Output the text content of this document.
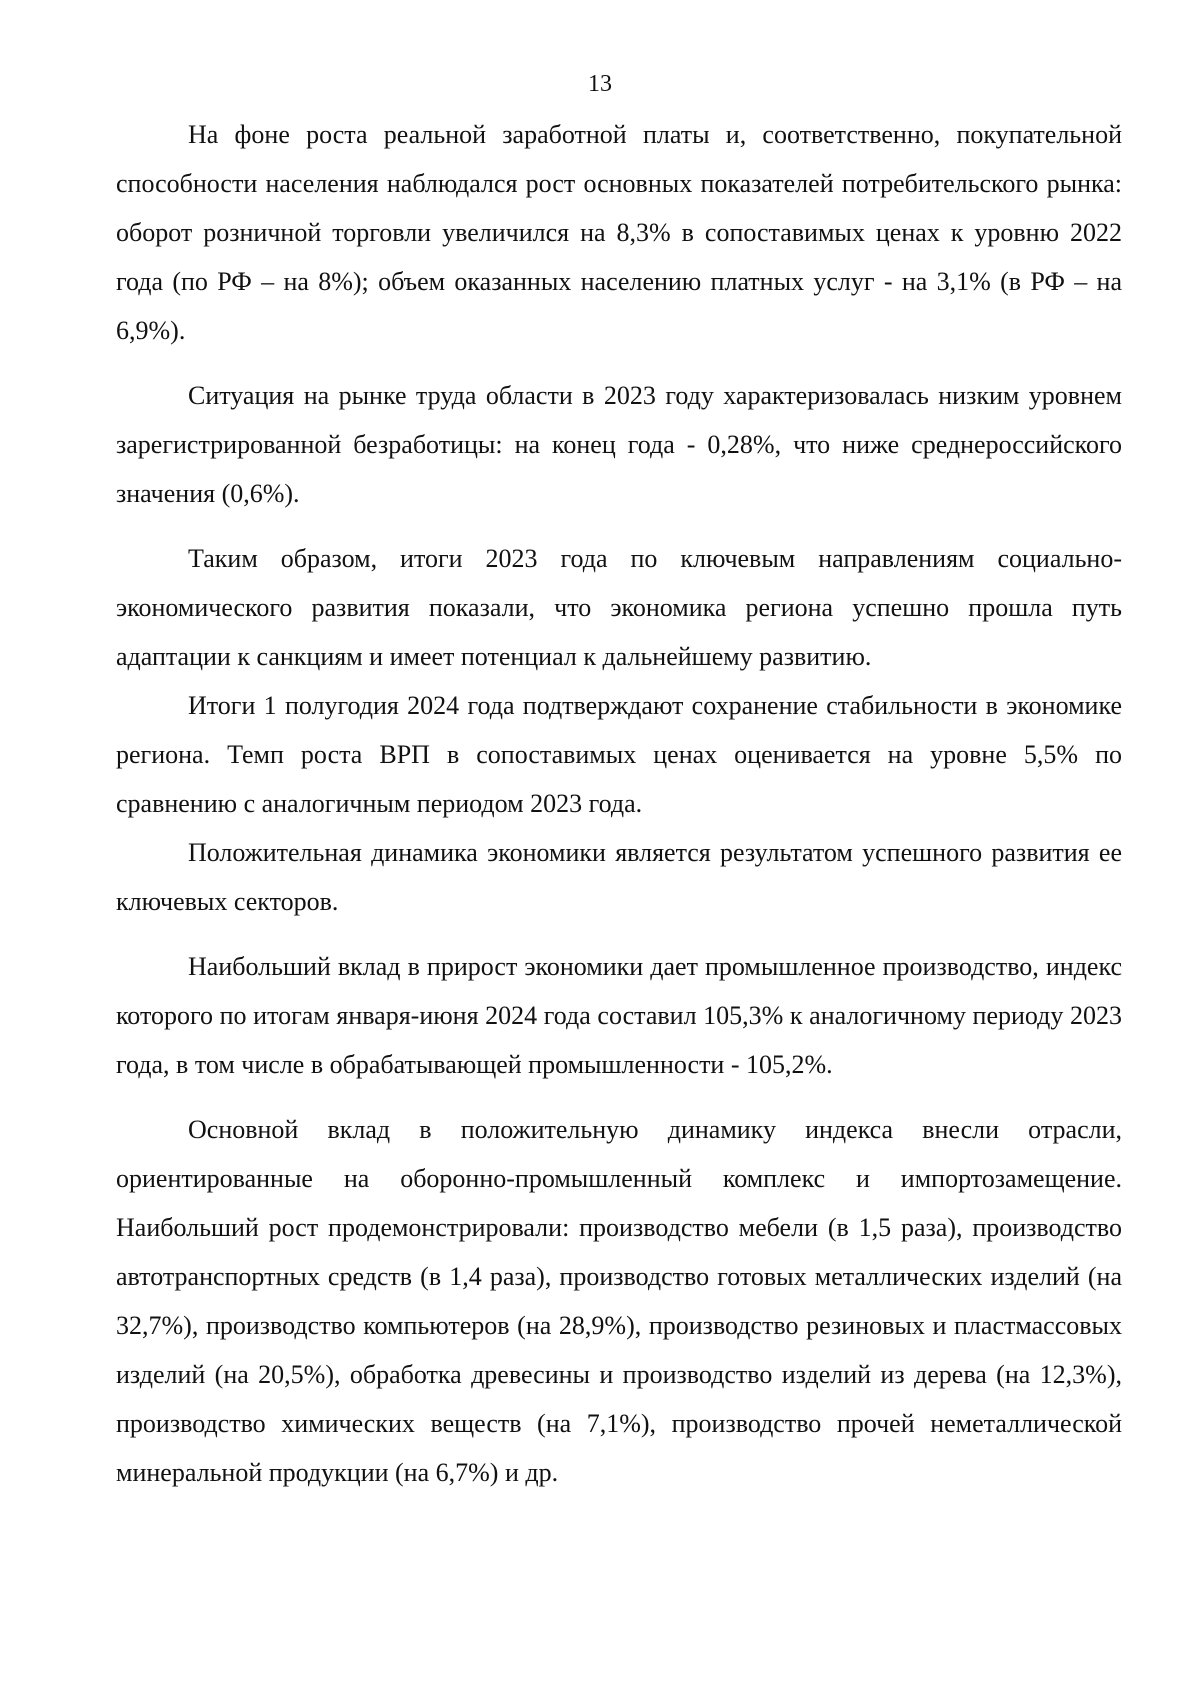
13

На фоне роста реальной заработной платы и, соответственно, покупательной способности населения наблюдался рост основных показателей потребительского рынка: оборот розничной торговли увеличился на 8,3% в сопоставимых ценах к уровню 2022 года (по РФ – на 8%); объем оказанных населению платных услуг - на 3,1% (в РФ – на 6,9%).

Ситуация на рынке труда области в 2023 году характеризовалась низким уровнем зарегистрированной безработицы: на конец года - 0,28%, что ниже среднероссийского значения (0,6%).

Таким образом, итоги 2023 года по ключевым направлениям социально-экономического развития показали, что экономика региона успешно прошла путь адаптации к санкциям и имеет потенциал к дальнейшему развитию.

Итоги 1 полугодия 2024 года подтверждают сохранение стабильности в экономике региона. Темп роста ВРП в сопоставимых ценах оценивается на уровне 5,5% по сравнению с аналогичным периодом 2023 года.

Положительная динамика экономики является результатом успешного развития ее ключевых секторов.

Наибольший вклад в прирост экономики дает промышленное производство, индекс которого по итогам января-июня 2024 года составил 105,3% к аналогичному периоду 2023 года, в том числе в обрабатывающей промышленности - 105,2%.

Основной вклад в положительную динамику индекса внесли отрасли, ориентированные на оборонно-промышленный комплекс и импортозамещение. Наибольший рост продемонстрировали: производство мебели (в 1,5 раза), производство автотранспортных средств (в 1,4 раза), производство готовых металлических изделий (на 32,7%), производство компьютеров (на 28,9%), производство резиновых и пластмассовых изделий (на 20,5%), обработка древесины и производство изделий из дерева (на 12,3%), производство химических веществ (на 7,1%), производство прочей неметаллической минеральной продукции (на 6,7%) и др.
